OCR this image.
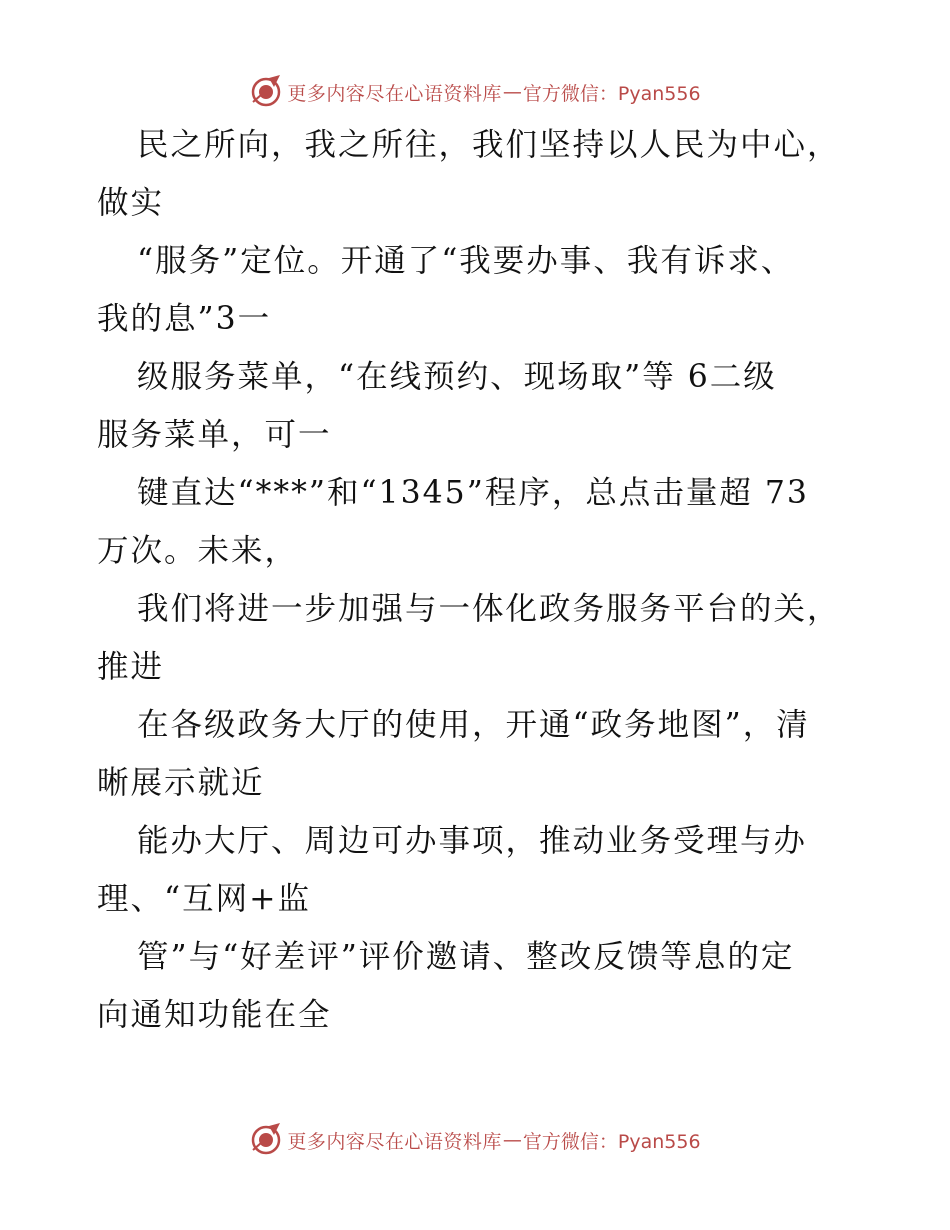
更多内容尽在心语资料库 — 官方微信：Pyan556
民之所向，我之所往，我们坚持以人民为中心，
做实
“服务”定位。开通了“我要办事、我有诉求、
我的息”3一
级服务菜单，“在线预约、现场取”等 6二级
服务菜单，可一
键直达“***”和“1345”程序，总点击量超 73
万次。未来，
我们将进一步加强与一体化政务服务平台的关，
推进
在各级政务大厅的使用，开通“政务地图”，清
晰展示就近
能办大厅、周边可办事项，推动业务受理与办
理、“互网+监
管”与“好差评”评价邀请、整改反馈等息的定
向通知功能在全
更多内容尽在心语资料库 — 官方微信：Pyan556
